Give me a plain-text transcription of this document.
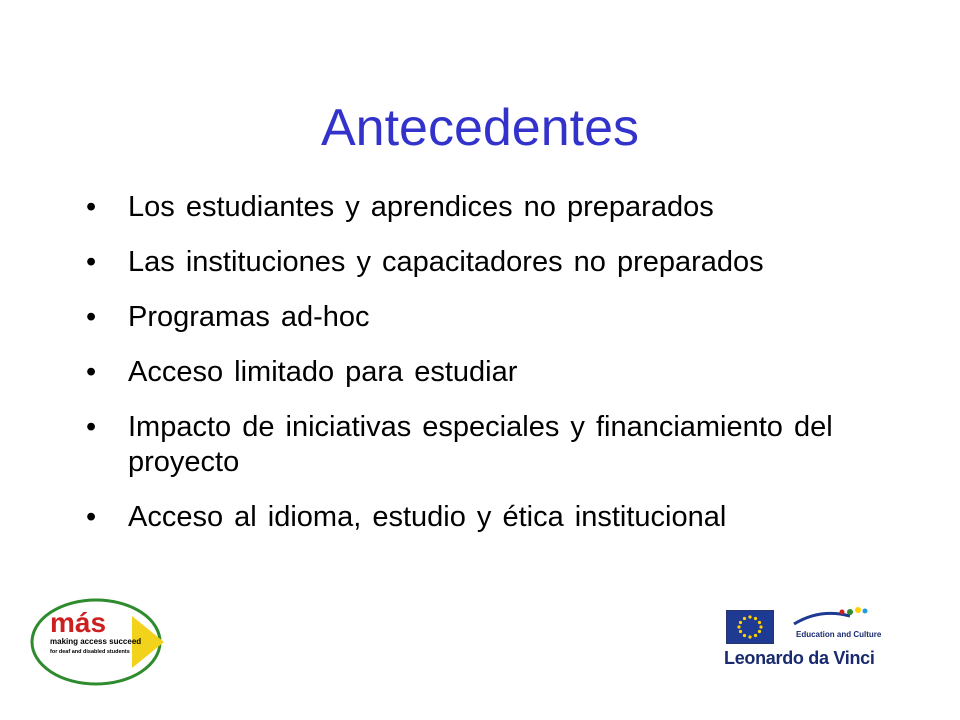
Antecedentes
• Los estudiantes y aprendices no preparados
• Las instituciones y capacitadores no preparados
• Programas ad-hoc
• Acceso limitado para estudiar
• Impacto de iniciativas especiales y financiamiento del proyecto
• Acceso al idioma, estudio y ética institucional
más
making access succeed
for deaf and disabled students
Education and Culture
Leonardo da Vinci
